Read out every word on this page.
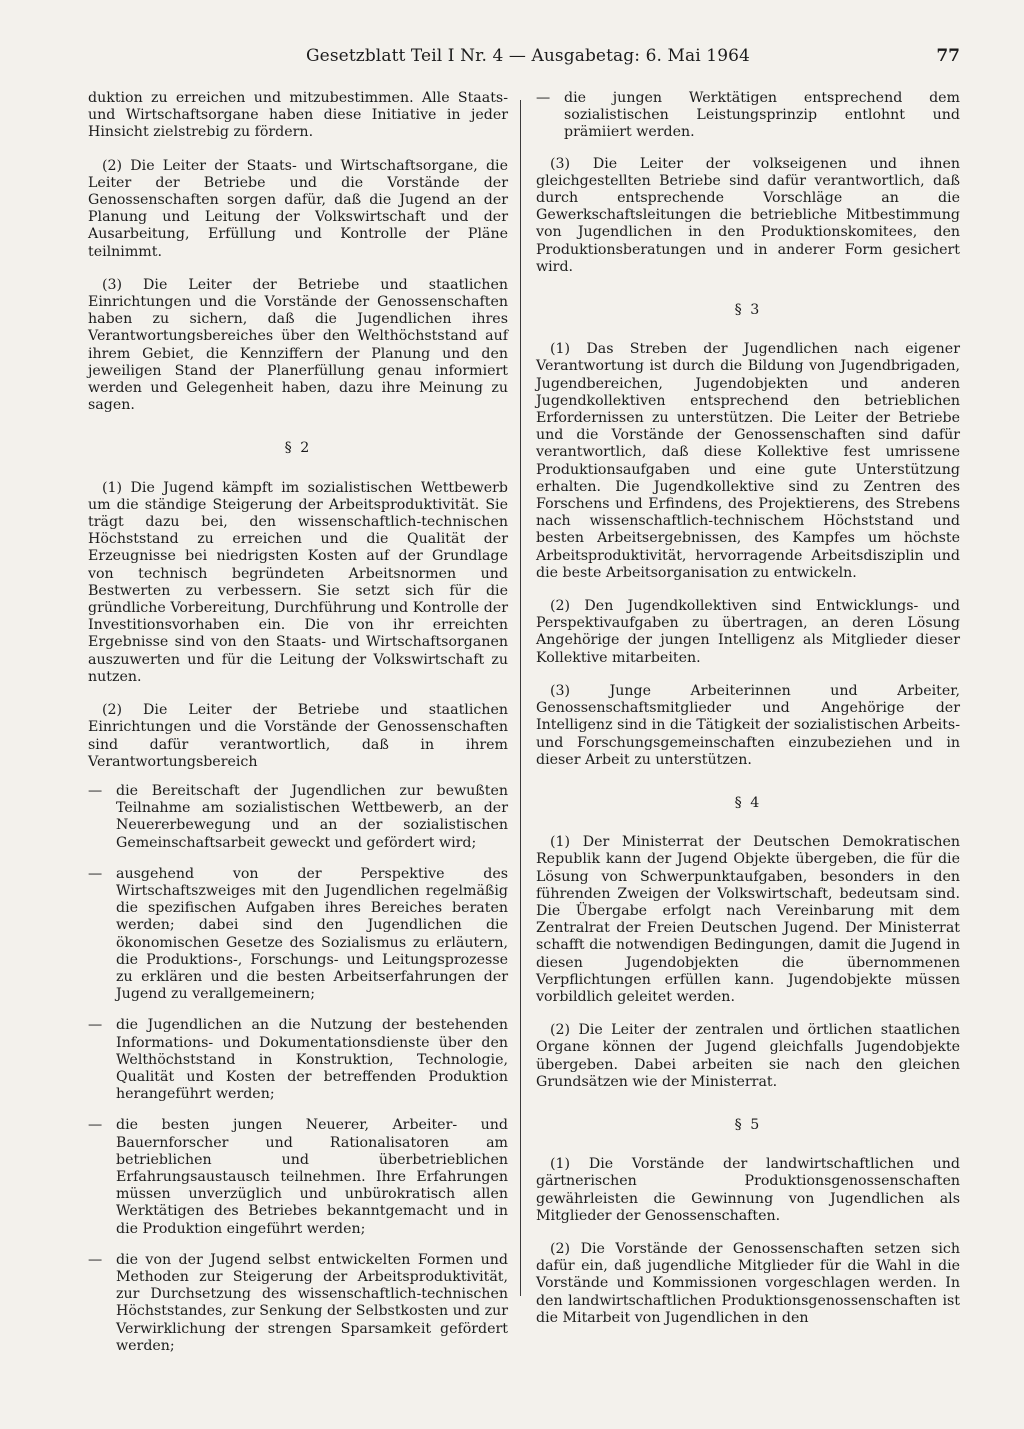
Gesetzblatt Teil I Nr. 4 — Ausgabetag: 6. Mai 1964	77

duktion zu erreichen und mitzubestimmen. Alle Staats- und Wirtschaftsorgane haben diese Initiative in jeder Hinsicht zielstrebig zu fördern.

(2) Die Leiter der Staats- und Wirtschaftsorgane, die Leiter der Betriebe und die Vorstände der Genossenschaften sorgen dafür, daß die Jugend an der Planung und Leitung der Volkswirtschaft und der Ausarbeitung, Erfüllung und Kontrolle der Pläne teilnimmt.

(3) Die Leiter der Betriebe und staatlichen Einrichtungen und die Vorstände der Genossenschaften haben zu sichern, daß die Jugendlichen ihres Verantwortungsbereiches über den Welthöchststand auf ihrem Gebiet, die Kennziffern der Planung und den jeweiligen Stand der Planerfüllung genau informiert werden und Gelegenheit haben, dazu ihre Meinung zu sagen.

§ 2

(1) Die Jugend kämpft im sozialistischen Wettbewerb um die ständige Steigerung der Arbeitsproduktivität. Sie trägt dazu bei, den wissenschaftlich-technischen Höchststand zu erreichen und die Qualität der Erzeugnisse bei niedrigsten Kosten auf der Grundlage von technisch begründeten Arbeitsnormen und Bestwerten zu verbessern. Sie setzt sich für die gründliche Vorbereitung, Durchführung und Kontrolle der Investitionsvorhaben ein. Die von ihr erreichten Ergebnisse sind von den Staats- und Wirtschaftsorganen auszuwerten und für die Leitung der Volkswirtschaft zu nutzen.

(2) Die Leiter der Betriebe und staatlichen Einrichtungen und die Vorstände der Genossenschaften sind dafür verantwortlich, daß in ihrem Verantwortungsbereich

— die Bereitschaft der Jugendlichen zur bewußten Teilnahme am sozialistischen Wettbewerb, an der Neuererbewegung und an der sozialistischen Gemeinschaftsarbeit geweckt und gefördert wird;
— ausgehend von der Perspektive des Wirtschaftszweiges mit den Jugendlichen regelmäßig die spezifischen Aufgaben ihres Bereiches beraten werden; dabei sind den Jugendlichen die ökonomischen Gesetze des Sozialismus zu erläutern, die Produktions-, Forschungs- und Leitungsprozesse zu erklären und die besten Arbeitserfahrungen der Jugend zu verallgemeinern;
— die Jugendlichen an die Nutzung der bestehenden Informations- und Dokumentationsdienste über den Welthöchststand in Konstruktion, Technologie, Qualität und Kosten der betreffenden Produktion herangeführt werden;
— die besten jungen Neuerer, Arbeiter- und Bauernforscher und Rationalisatoren am betrieblichen und überbetrieblichen Erfahrungsaustausch teilnehmen. Ihre Erfahrungen müssen unverzüglich und unbürokratisch allen Werktätigen des Betriebes bekanntgemacht und in die Produktion eingeführt werden;
— die von der Jugend selbst entwickelten Formen und Methoden zur Steigerung der Arbeitsproduktivität, zur Durchsetzung des wissenschaftlich-technischen Höchststandes, zur Senkung der Selbstkosten und zur Verwirklichung der strengen Sparsamkeit gefördert werden;
— die jungen Werktätigen entsprechend dem sozialistischen Leistungsprinzip entlohnt und prämiiert werden.

(3) Die Leiter der volkseigenen und ihnen gleichgestellten Betriebe sind dafür verantwortlich, daß durch entsprechende Vorschläge an die Gewerkschaftsleitungen die betriebliche Mitbestimmung von Jugendlichen in den Produktionskomitees, den Produktionsberatungen und in anderer Form gesichert wird.

§ 3

(1) Das Streben der Jugendlichen nach eigener Verantwortung ist durch die Bildung von Jugendbrigaden, Jugendbereichen, Jugendobjekten und anderen Jugendkollektiven entsprechend den betrieblichen Erfordernissen zu unterstützen. Die Leiter der Betriebe und die Vorstände der Genossenschaften sind dafür verantwortlich, daß diese Kollektive fest umrissene Produktionsaufgaben und eine gute Unterstützung erhalten. Die Jugendkollektive sind zu Zentren des Forschens und Erfindens, des Projektierens, des Strebens nach wissenschaftlich-technischem Höchststand und besten Arbeitsergebnissen, des Kampfes um höchste Arbeitsproduktivität, hervorragende Arbeitsdisziplin und die beste Arbeitsorganisation zu entwickeln.

(2) Den Jugendkollektiven sind Entwicklungs- und Perspektivaufgaben zu übertragen, an deren Lösung Angehörige der jungen Intelligenz als Mitglieder dieser Kollektive mitarbeiten.

(3) Junge Arbeiterinnen und Arbeiter, Genossenschaftsmitglieder und Angehörige der Intelligenz sind in die Tätigkeit der sozialistischen Arbeits- und Forschungsgemeinschaften einzubeziehen und in dieser Arbeit zu unterstützen.

§ 4

(1) Der Ministerrat der Deutschen Demokratischen Republik kann der Jugend Objekte übergeben, die für die Lösung von Schwerpunktaufgaben, besonders in den führenden Zweigen der Volkswirtschaft, bedeutsam sind. Die Übergabe erfolgt nach Vereinbarung mit dem Zentralrat der Freien Deutschen Jugend. Der Ministerrat schafft die notwendigen Bedingungen, damit die Jugend in diesen Jugendobjekten die übernommenen Verpflichtungen erfüllen kann. Jugendobjekte müssen vorbildlich geleitet werden.

(2) Die Leiter der zentralen und örtlichen staatlichen Organe können der Jugend gleichfalls Jugendobjekte übergeben. Dabei arbeiten sie nach den gleichen Grundsätzen wie der Ministerrat.

§ 5

(1) Die Vorstände der landwirtschaftlichen und gärtnerischen Produktionsgenossenschaften gewährleisten die Gewinnung von Jugendlichen als Mitglieder der Genossenschaften.

(2) Die Vorstände der Genossenschaften setzen sich dafür ein, daß jugendliche Mitglieder für die Wahl in die Vorstände und Kommissionen vorgeschlagen werden. In den landwirtschaftlichen Produktionsgenossenschaften ist die Mitarbeit von Jugendlichen in den
